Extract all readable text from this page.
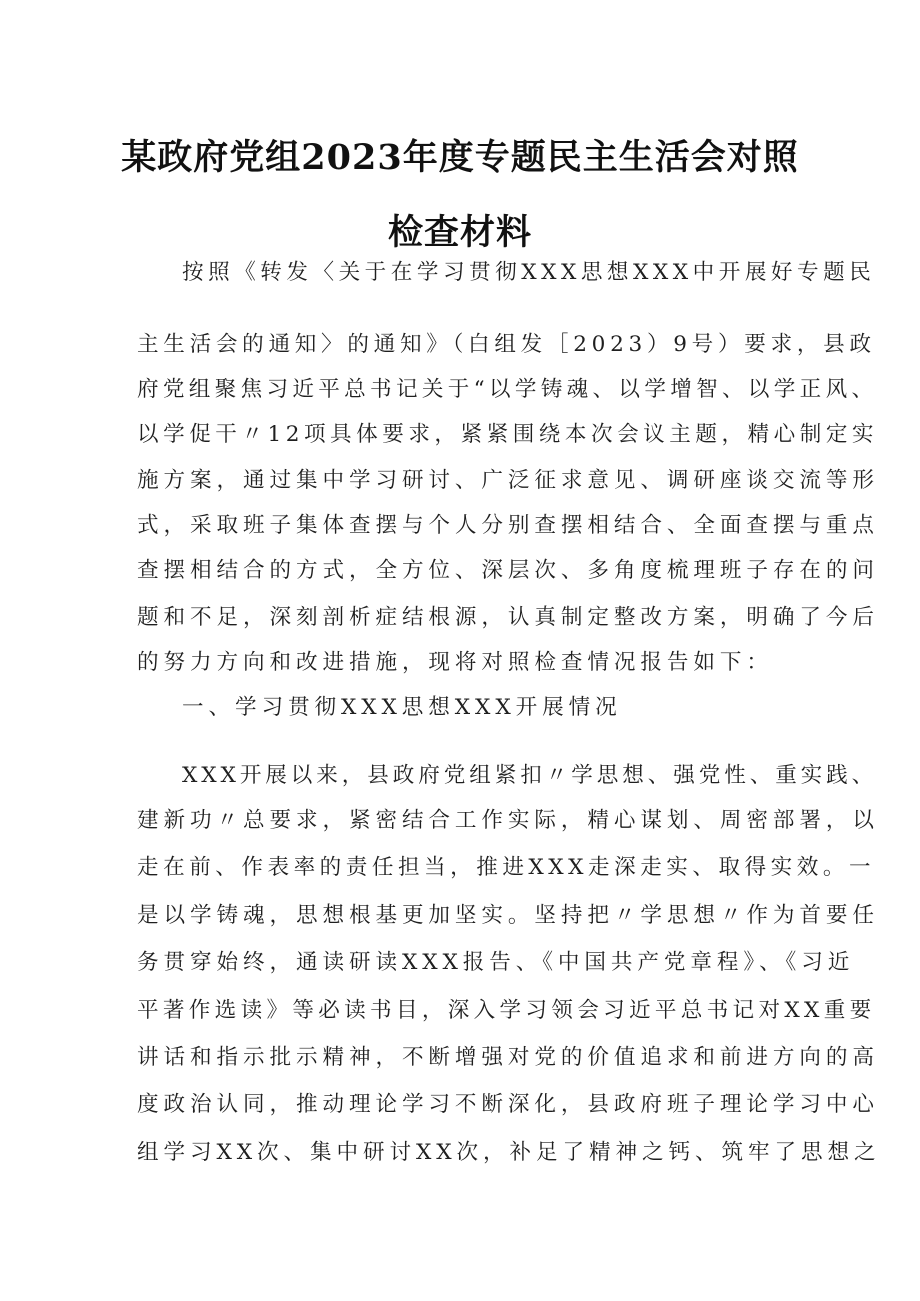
某政府党组2023年度专题民主生活会对照
检查材料
按照《转发〈关于在学习贯彻XXX思想XXX中开展好专题民
主生活会的通知〉的通知》（白组发［2023）9号）要求，县政
府党组聚焦习近平总书记关于“以学铸魂、以学增智、以学正风、
以学促干〃12项具体要求，紧紧围绕本次会议主题，精心制定实
施方案，通过集中学习研讨、广泛征求意见、调研座谈交流等形
式，采取班子集体查摆与个人分别查摆相结合、全面查摆与重点
查摆相结合的方式，全方位、深层次、多角度梳理班子存在的问
题和不足，深刻剖析症结根源，认真制定整改方案，明确了今后
的努力方向和改进措施，现将对照检查情况报告如下：
一、学习贯彻XXX思想XXX开展情况
XXX开展以来，县政府党组紧扣〃学思想、强党性、重实践、
建新功〃总要求，紧密结合工作实际，精心谋划、周密部署，以
走在前、作表率的责任担当，推进XXX走深走实、取得实效。一
是以学铸魂，思想根基更加坚实。坚持把〃学思想〃作为首要任
务贯穿始终，通读研读XXX报告、《中国共产党章程》、《习近
平著作选读》等必读书目，深入学习领会习近平总书记对XX重要
讲话和指示批示精神，不断增强对党的价值追求和前进方向的高
度政治认同，推动理论学习不断深化，县政府班子理论学习中心
组学习XX次、集中研讨XX次，补足了精神之钙、筑牢了思想之
